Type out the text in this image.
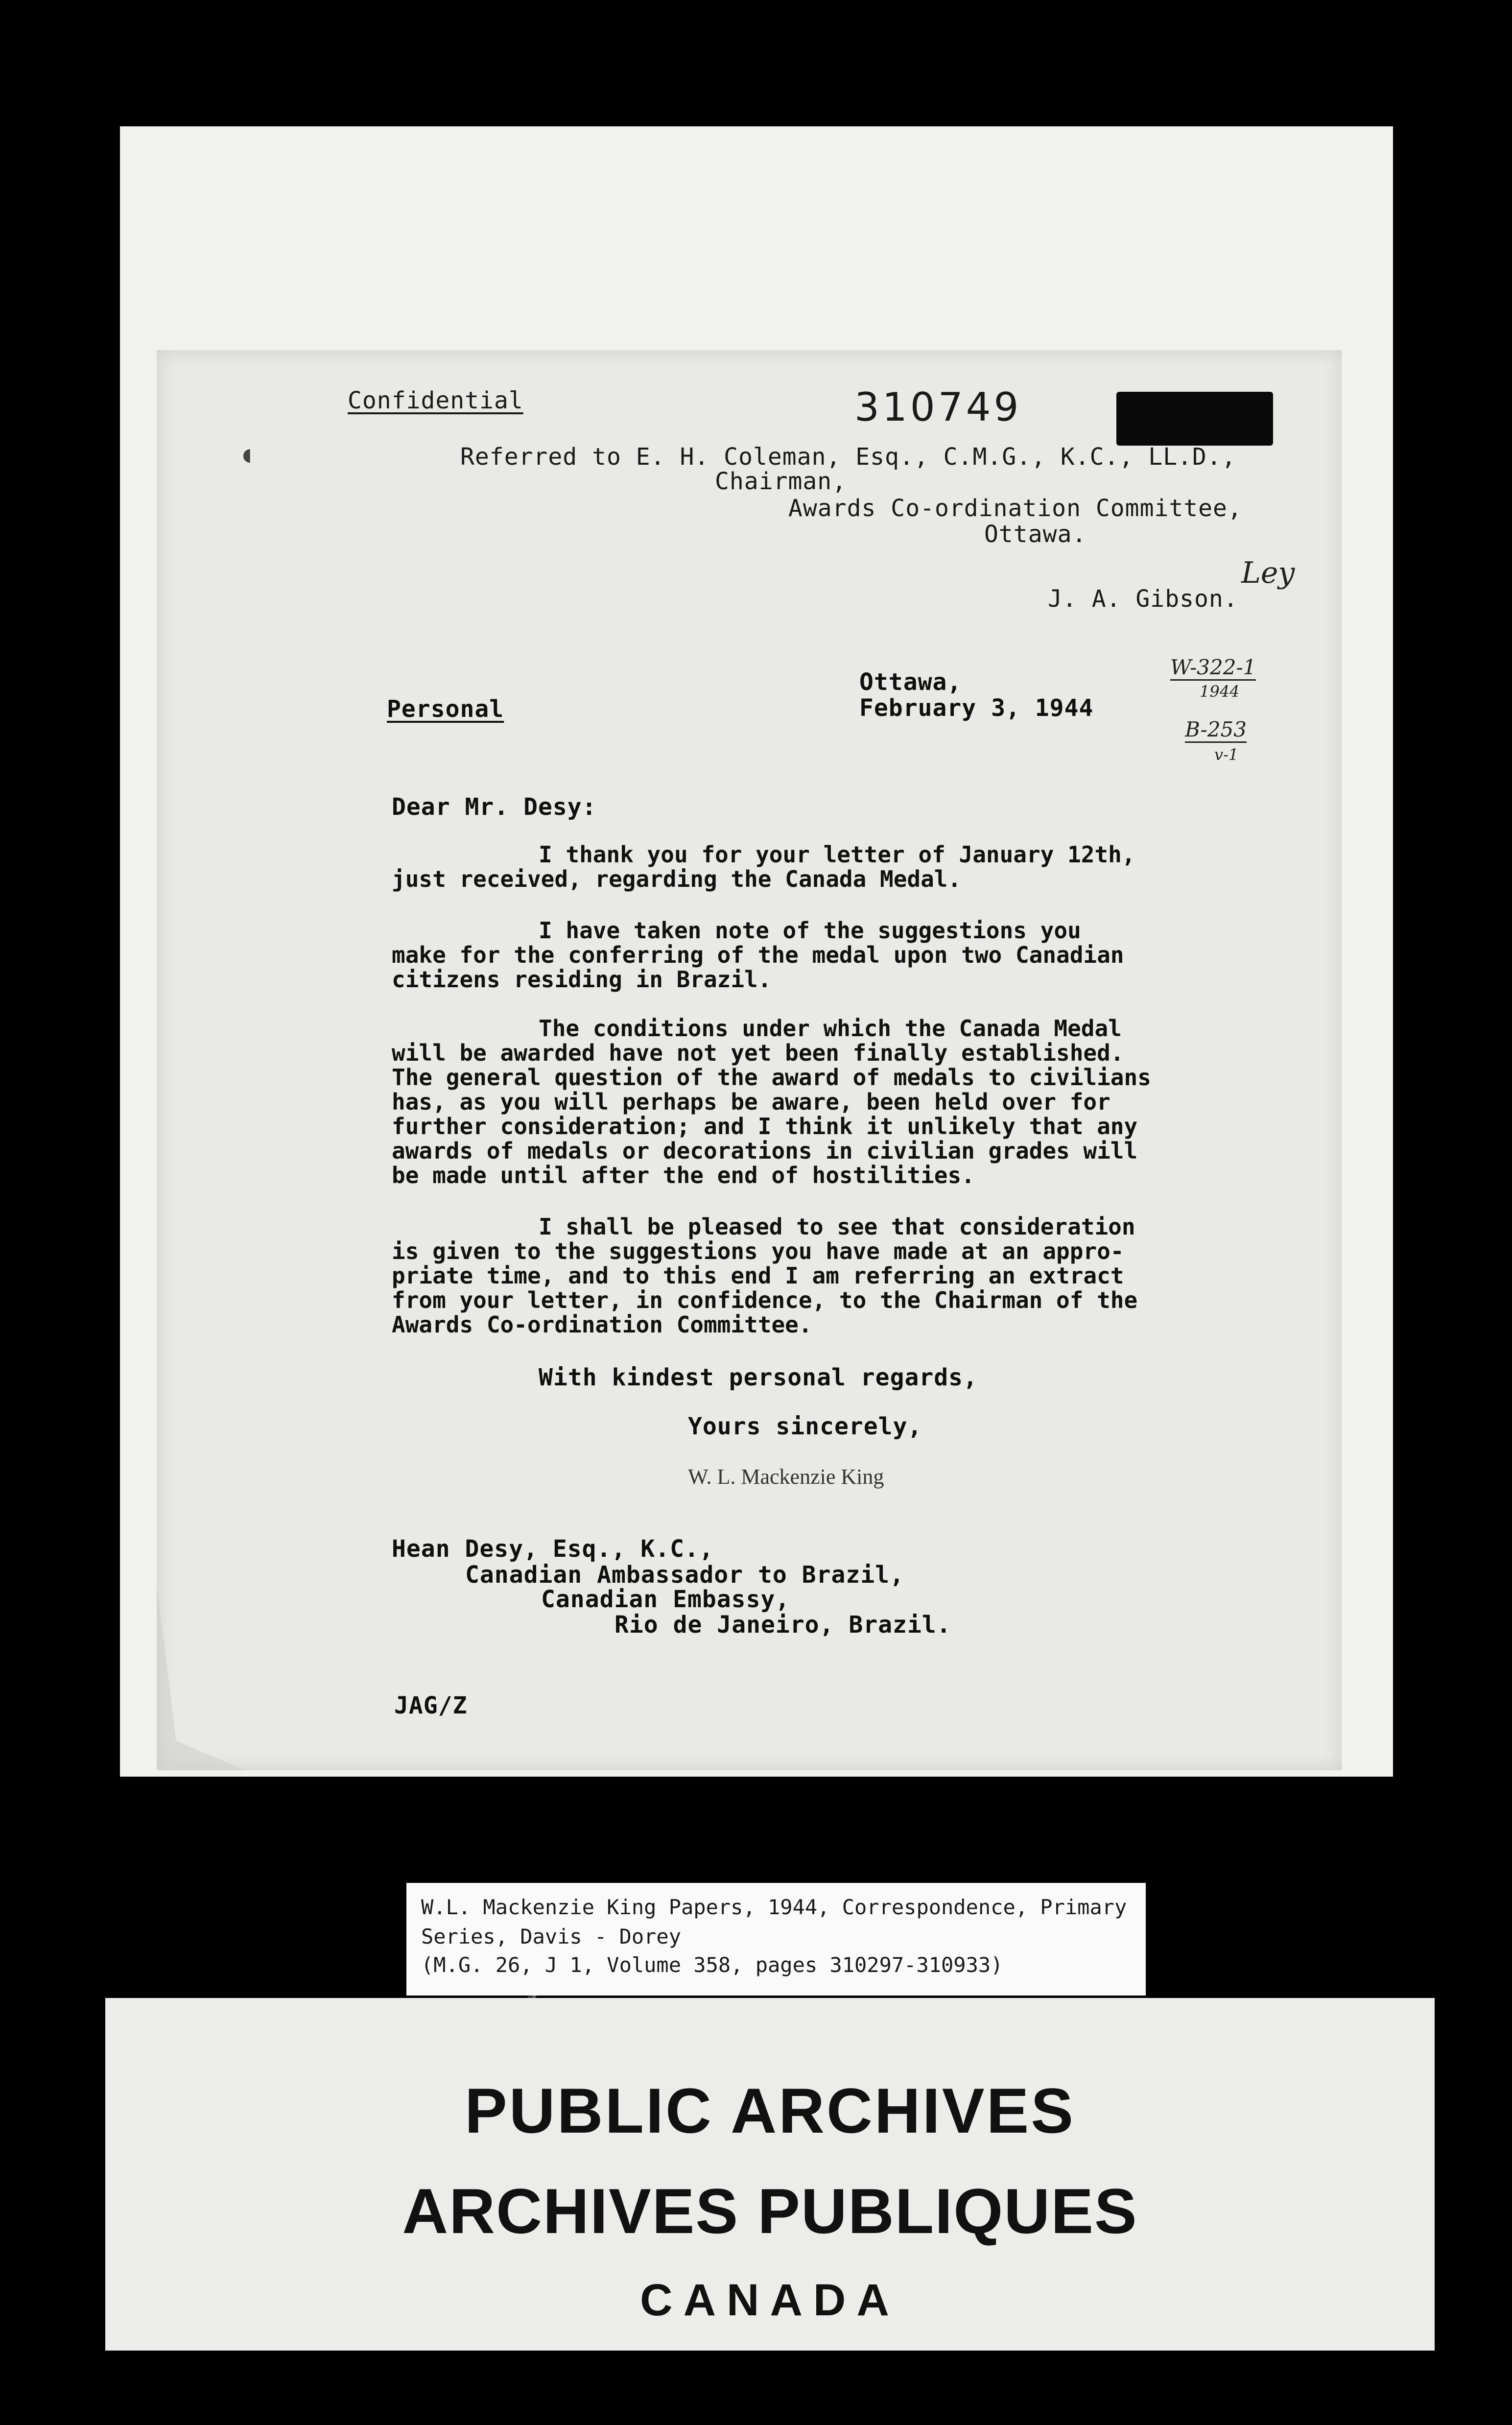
Confidential	310749
◖	Referred to E. H. Coleman, Esq., C.M.G., K.C., LL.D.,
Chairman,
Awards Co-ordination Committee,
Ottawa.
J. A. Gibson.
Ley
W-322-1
1944
B-253
v-1
Ottawa,
February 3, 1944
Personal
Dear Mr. Desy:
I thank you for your letter of January 12th,
just received, regarding the Canada Medal.
I have taken note of the suggestions you
make for the conferring of the medal upon two Canadian
citizens residing in Brazil.
The conditions under which the Canada Medal
will be awarded have not yet been finally established.
The general question of the award of medals to civilians
has, as you will perhaps be aware, been held over for
further consideration; and I think it unlikely that any
awards of medals or decorations in civilian grades will
be made until after the end of hostilities.
I shall be pleased to see that consideration
is given to the suggestions you have made at an appro-
priate time, and to this end I am referring an extract
from your letter, in confidence, to the Chairman of the
Awards Co-ordination Committee.
With kindest personal regards,
Yours sincerely,
W. L. Mackenzie King
Hean Desy, Esq., K.C.,
Canadian Ambassador to Brazil,
Canadian Embassy,
Rio de Janeiro, Brazil.
JAG/Z
W.L. Mackenzie King Papers, 1944, Correspondence, Primary
Series, Davis - Dorey
(M.G. 26, J 1, Volume 358, pages 310297-310933)
PUBLIC ARCHIVES
ARCHIVES PUBLIQUES
CANADA
